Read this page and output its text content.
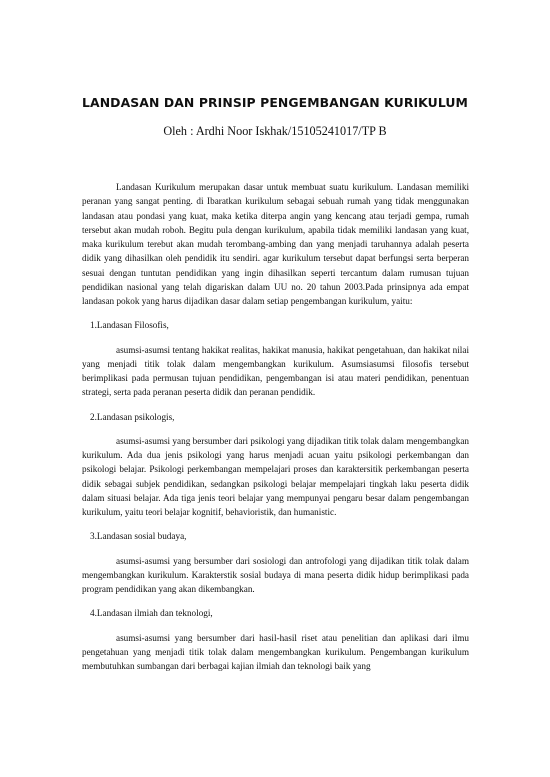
LANDASAN DAN PRINSIP PENGEMBANGAN KURIKULUM
Oleh : Ardhi Noor Iskhak/15105241017/TP B

Landasan Kurikulum merupakan dasar untuk membuat suatu kurikulum. Landasan memiliki peranan yang sangat penting. di Ibaratkan kurikulum sebagai sebuah rumah yang tidak menggunakan landasan atau pondasi yang kuat, maka ketika diterpa angin yang kencang atau terjadi gempa, rumah tersebut akan mudah roboh. Begitu pula dengan kurikulum, apabila tidak memiliki landasan yang kuat, maka kurikulum terebut akan mudah terombang-ambing dan yang menjadi taruhannya adalah peserta didik yang dihasilkan oleh pendidik itu sendiri. agar kurikulum tersebut dapat berfungsi serta berperan sesuai dengan tuntutan pendidikan yang ingin dihasilkan seperti tercantum dalam rumusan tujuan pendidikan nasional yang telah digariskan dalam UU no. 20 tahun 2003.Pada prinsipnya ada empat landasan pokok yang harus dijadikan dasar dalam setiap pengembangan kurikulum, yaitu:

1.Landasan Filosofis,

asumsi-asumsi tentang hakikat realitas, hakikat manusia, hakikat pengetahuan, dan hakikat nilai yang menjadi titik tolak dalam mengembangkan kurikulum. Asumsiasumsi filosofis tersebut berimplikasi pada permusan tujuan pendidikan, pengembangan isi atau materi pendidikan, penentuan strategi, serta pada peranan peserta didik dan peranan pendidik.

2.Landasan psikologis,

asumsi-asumsi yang bersumber dari psikologi yang dijadikan titik tolak dalam mengembangkan kurikulum. Ada dua jenis psikologi yang harus menjadi acuan yaitu psikologi perkembangan dan psikologi belajar. Psikologi perkembangan mempelajari proses dan karaktersitik perkembangan peserta didik sebagai subjek pendidikan, sedangkan psikologi belajar mempelajari tingkah laku peserta didik dalam situasi belajar. Ada tiga jenis teori belajar yang mempunyai pengaru besar dalam pengembangan kurikulum, yaitu teori belajar kognitif, behavioristik, dan humanistic.

3.Landasan sosial budaya,

asumsi-asumsi yang bersumber dari sosiologi dan antrofologi yang dijadikan titik tolak dalam mengembangkan kurikulum. Karakterstik sosial budaya di mana peserta didik hidup berimplikasi pada program pendidikan yang akan dikembangkan.

4.Landasan ilmiah dan teknologi,

asumsi-asumsi yang bersumber dari hasil-hasil riset atau penelitian dan aplikasi dari ilmu pengetahuan yang menjadi titik tolak dalam mengembangkan kurikulum. Pengembangan kurikulum membutuhkan sumbangan dari berbagai kajian ilmiah dan teknologi baik yang
